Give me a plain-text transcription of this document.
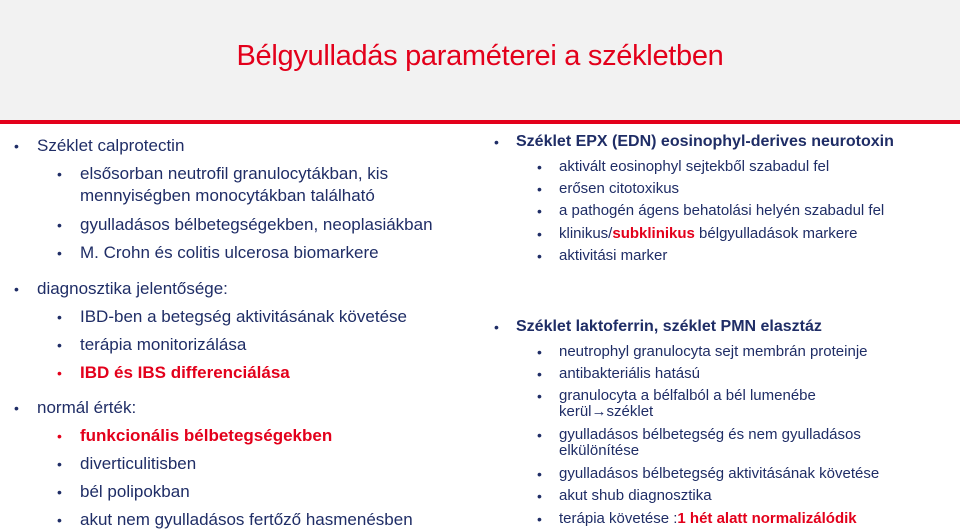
Bélgyulladás paraméterei a székletben
• Széklet calprotectin
• elsősorban neutrofil granulocytákban, kis
mennyiségben monocytákban található
• gyulladásos bélbetegségekben, neoplasiákban
• M. Crohn és colitis ulcerosa biomarkere
• diagnosztika jelentősége:
• IBD-ben a betegség aktivitásának követése
• terápia monitorizálása
• IBD és IBS differenciálása
• normál érték:
• funkcionális bélbetegségekben
• diverticulitisben
• bél polipokban
• akut nem gyulladásos fertőző hasmenésben
• Széklet EPX (EDN) eosinophyl-derives neurotoxin
• aktivált eosinophyl sejtekből szabadul fel
• erősen citotoxikus
• a pathogén ágens behatolási helyén szabadul fel
• klinikus/subklinikus bélgyulladások markere
• aktivitási marker
• Széklet laktoferrin, széklet PMN elasztáz
• neutrophyl granulocyta sejt membrán proteinje
• antibakteriális hatású
• granulocyta a bélfalból a bél lumenébe
kerül→széklet
• gyulladásos bélbetegség és nem gyulladásos
elkülönítése
• gyulladásos bélbetegség aktivitásának követése
• akut shub diagnosztika
• terápia követése :1 hét alatt normalizálódik
